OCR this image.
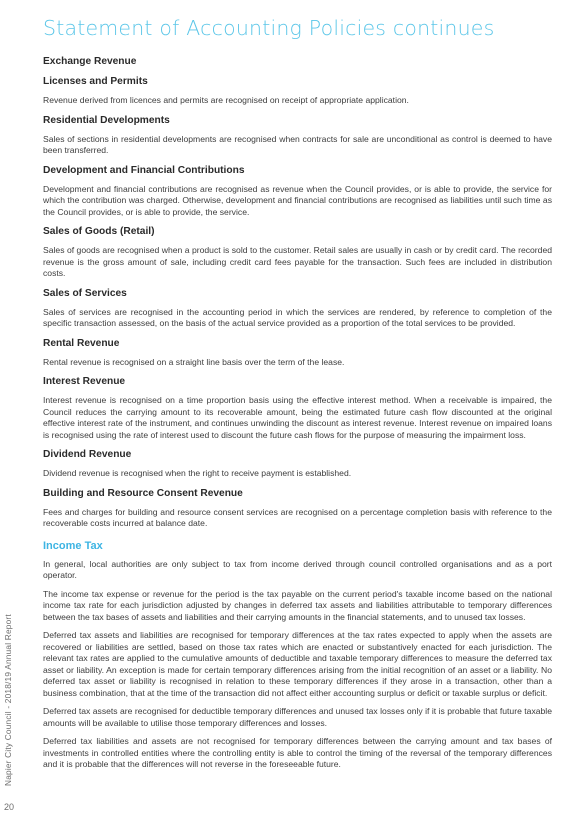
Statement of Accounting Policies continues
Exchange Revenue
Licenses and Permits

Revenue derived from licences and permits are recognised on receipt of appropriate application.

Residential Developments

Sales of sections in residential developments are recognised when contracts for sale are unconditional as control is deemed to have been transferred.

Development and Financial Contributions

Development and financial contributions are recognised as revenue when the Council provides, or is able to provide, the service for which the contribution was charged. Otherwise, development and financial contributions are recognised as liabilities until such time as the Council provides, or is able to provide, the service.

Sales of Goods (Retail)

Sales of goods are recognised when a product is sold to the customer. Retail sales are usually in cash or by credit card. The recorded revenue is the gross amount of sale, including credit card fees payable for the transaction. Such fees are included in distribution costs.

Sales of Services

Sales of services are recognised in the accounting period in which the services are rendered, by reference to completion of the specific transaction assessed, on the basis of the actual service provided as a proportion of the total services to be provided.

Rental Revenue

Rental revenue is recognised on a straight line basis over the term of the lease.

Interest Revenue

Interest revenue is recognised on a time proportion basis using the effective interest method. When a receivable is impaired, the Council reduces the carrying amount to its recoverable amount, being the estimated future cash flow discounted at the original effective interest rate of the instrument, and continues unwinding the discount as interest revenue. Interest revenue on impaired loans is recognised using the rate of interest used to discount the future cash flows for the purpose of measuring the impairment loss.

Dividend Revenue

Dividend revenue is recognised when the right to receive payment is established.

Building and Resource Consent Revenue

Fees and charges for building and resource consent services are recognised on a percentage completion basis with reference to the recoverable costs incurred at balance date.

Income Tax

In general, local authorities are only subject to tax from income derived through council controlled organisations and as a port operator.

The income tax expense or revenue for the period is the tax payable on the current period's taxable income based on the national income tax rate for each jurisdiction adjusted by changes in deferred tax assets and liabilities attributable to temporary differences between the tax bases of assets and liabilities and their carrying amounts in the financial statements, and to unused tax losses.

Deferred tax assets and liabilities are recognised for temporary differences at the tax rates expected to apply when the assets are recovered or liabilities are settled, based on those tax rates which are enacted or substantively enacted for each jurisdiction. The relevant tax rates are applied to the cumulative amounts of deductible and taxable temporary differences to measure the deferred tax asset or liability. An exception is made for certain temporary differences arising from the initial recognition of an asset or a liability. No deferred tax asset or liability is recognised in relation to these temporary differences if they arose in a transaction, other than a business combination, that at the time of the transaction did not affect either accounting surplus or deficit or taxable surplus or deficit.

Deferred tax assets are recognised for deductible temporary differences and unused tax losses only if it is probable that future taxable amounts will be available to utilise those temporary differences and losses.

Deferred tax liabilities and assets are not recognised for temporary differences between the carrying amount and tax bases of investments in controlled entities where the controlling entity is able to control the timing of the reversal of the temporary differences and it is probable that the differences will not reverse in the foreseeable future.

Napier City Council - 2018/19 Annual Report
20
